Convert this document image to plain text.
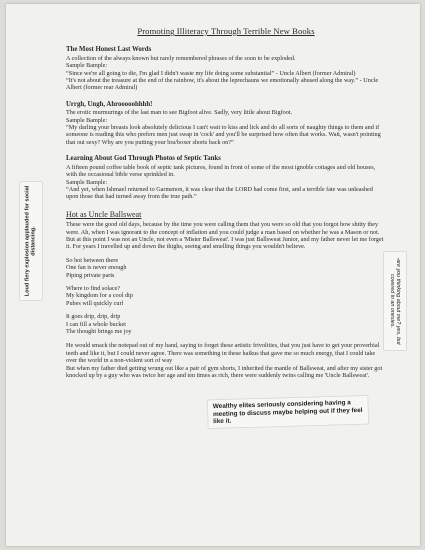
Promoting Illiteracy Through Terrible New Books
The Most Honest Last Words
A collection of the always known but rarely remembered phrases of the soon to be exploded.
Sample Bample:
“Since we're all going to die, I'm glad I didn't waste my life doing some substantial” - Uncle Albert (former Admiral)
“It's not about the treasure at the end of the rainbow, it's about the leprechauns we emotionally abused along the way.” - Uncle Albert (former rear Admiral)
Urrgh, Ungh, Ahrooooohhhh!
The erotic murmurings of the last man to see Bigfoot alive. Sadly, very little about Bigfoot.
Sample Bample:
“My darling your breasts look absolutely delicious I can't wait to kiss and lick and do all sorts of naughty things to them and if someone is reading this who prefers men just swap in 'cock' and you'll be surprised how often that works. Wait, wasn't pointing that out sexy? Why are you putting your bra/boxer shorts back on?”
Learning About God Through Photos of Septic Tanks
A fifteen pound coffee table book of septic tank pictures, found in front of some of the most ignoble cottages and old houses, with the occasional bible verse sprinkled in.
Sample Bample:
“And yet, when Ishmael returned to Garmenon, it was clear that the LORD had come first, and a terrible fate was unleashed upon those that had turned away from the true path.”
Hot as Uncle Ballsweat
These were the good old days, because by the time you were calling them that you were so old that you forgot how shitty they were. Ah, when I was ignorant to the concept of inflation and you could judge a man based on whether he was a Mason or not.
But at this point I was not an Uncle, not even a 'Mister Ballsweat'. I was just Ballsweat Junior, and my father never let me forget it. For years I travelled up and down the thighs, seeing and smelling things you wouldn't believe.
So hot between there
One fan is never enough
Piping private parts
Where to find solace?
My kingdom for a cool dip
Pubes will quickly curl
It goes drip, drip, drip
I can fill a whole bucket
The thought brings me joy
He would smack the notepad out of my hand, saying to forget these artistic frivolities, that you just have to get your proverbial teeth and like it, but I could never agree. There was something in these haikus that gave me so much energy, that I could take over the world in a non-violent sort of way
But when my father died getting wrung out like a pair of gym shorts, I inherited the mantle of Ballsweat, and after my sister got knocked up by a guy who was twice her age and ten times as rich, there were suddenly twins calling me 'Uncle Ballsweat'.
Loud fiery explosion applauded for social distancing.
-are you thinking about me? yes, but covered in an onesies.
Wealthy elites seriously considering having a meeting to discuss maybe helping out if they feel like it.
